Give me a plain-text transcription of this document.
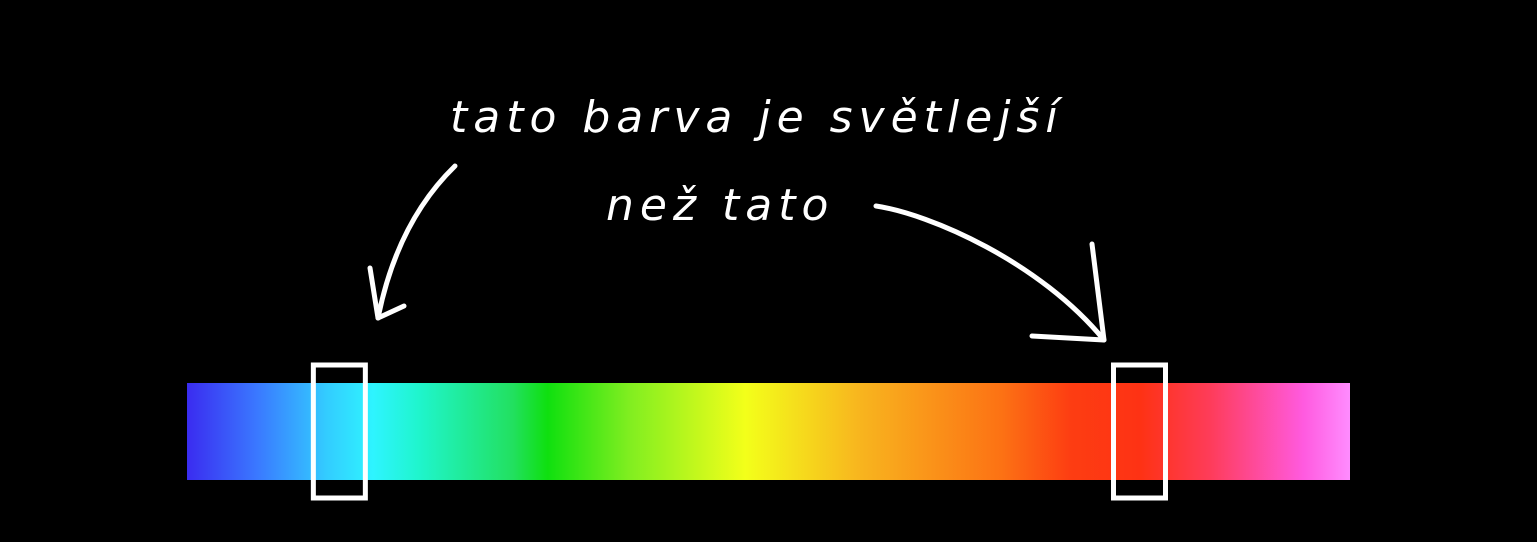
tato barva je světlejší
než tato
